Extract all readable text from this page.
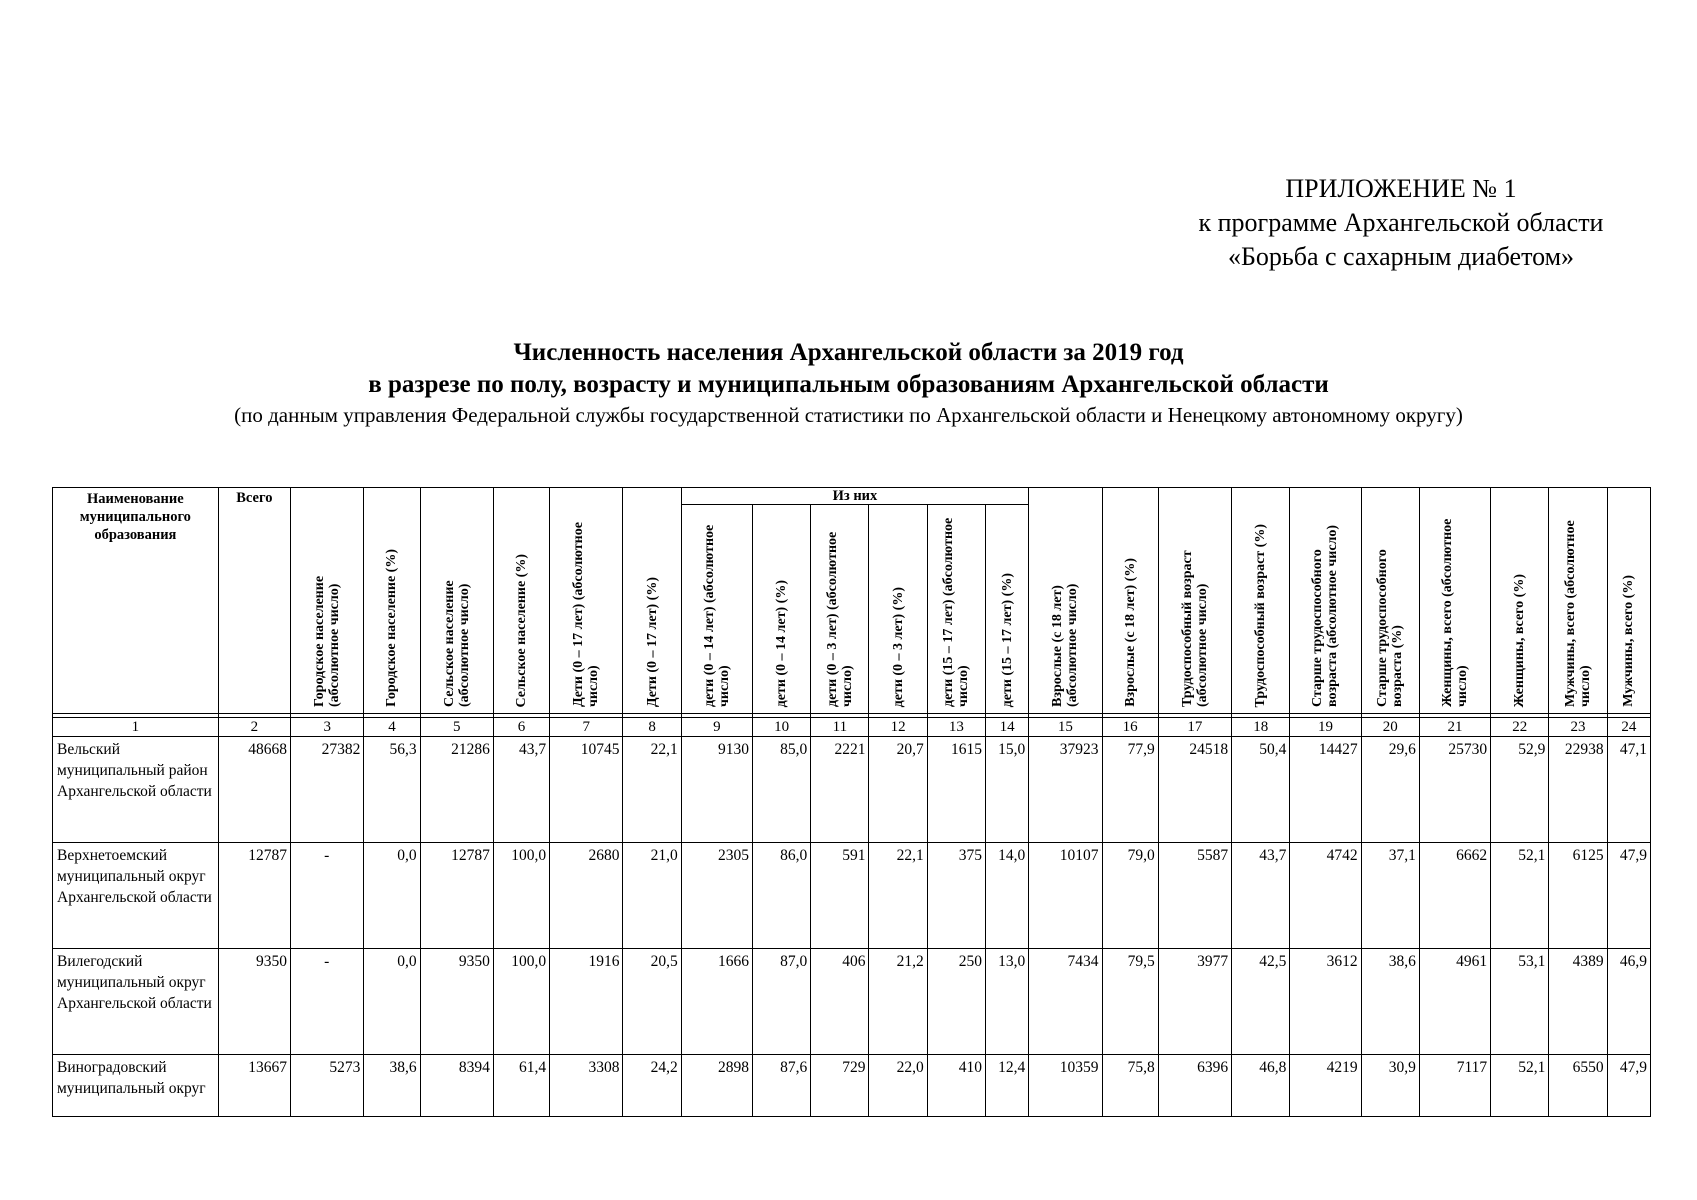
ПРИЛОЖЕНИЕ № 1
к программе Архангельской области
«Борьба с сахарным диабетом»
Численность населения Архангельской области за 2019 год
в разрезе по полу, возрасту и муниципальным образованиям Архангельской области
(по данным управления Федеральной службы государственной статистики по Архангельской области и Ненецкому автономному округу)
Наименование муниципального образования	Всего	Городское население (абсолютное число)	Городское население (%)	Сельское население (абсолютное число)	Сельское население (%)	Дети (0 – 17 лет) (абсолютное число)	Дети (0 – 17 лет) (%)	Из них						Взрослые (с 18 лет) (абсолютное число)	Взрослые (с 18 лет) (%)	Трудоспособный возраст (абсолютное число)	Трудоспособный возраст (%)	Старше трудоспособного возраста (абсолютное число)	Старше трудоспособного возраста (%)	Женщины, всего (абсолютное число)	Женщины, всего (%)	Мужчины, всего (абсолютное число)	Мужчины, всего (%)

								дети (0 – 14 лет) (абсолютное число)	дети (0 – 14 лет) (%)	дети (0 – 3 лет) (абсолютное число)	дети (0 – 3 лет) (%)	дети (15 – 17 лет) (абсолютное число)	дети (15 – 17 лет) (%)										

1	2	3	4	5	6	7	8	9	10	11	12	13	14	15	16	17	18	19	20	21	22	23	24
Вельский муниципальный район Архангельской области	48668	27382	56,3	21286	43,7	10745	22,1	9130	85,0	2221	20,7	1615	15,0	37923	77,9	24518	50,4	14427	29,6	25730	52,9	22938	47,1
Верхнетоемский муниципальный округ Архангельской области	12787	-	0,0	12787	100,0	2680	21,0	2305	86,0	591	22,1	375	14,0	10107	79,0	5587	43,7	4742	37,1	6662	52,1	6125	47,9
Вилегодский муниципальный округ Архангельской области	9350	-	0,0	9350	100,0	1916	20,5	1666	87,0	406	21,2	250	13,0	7434	79,5	3977	42,5	3612	38,6	4961	53,1	4389	46,9
Виноградовский муниципальный округ	13667	5273	38,6	8394	61,4	3308	24,2	2898	87,6	729	22,0	410	12,4	10359	75,8	6396	46,8	4219	30,9	7117	52,1	6550	47,9
